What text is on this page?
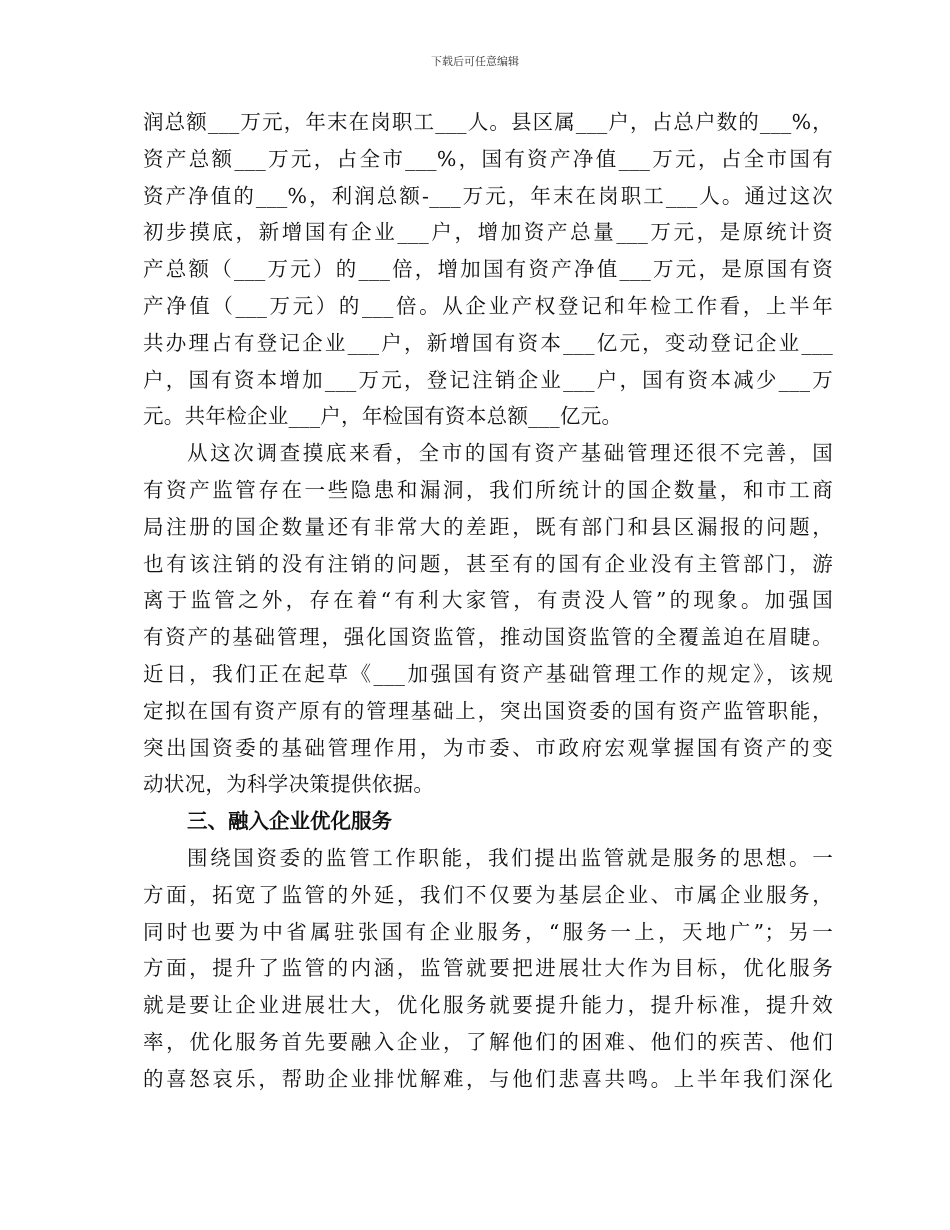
下载后可任意编辑
润总额___万元，年末在岗职工___人。县区属___户，占总户数的___%，
资产总额___万元，占全市___%，国有资产净值___万元，占全市国有
资产净值的___%，利润总额-___万元，年末在岗职工___人。通过这次
初步摸底，新增国有企业___户，增加资产总量___万元，是原统计资
产总额（___万元）的___倍，增加国有资产净值___万元，是原国有资
产净值（___万元）的___倍。从企业产权登记和年检工作看，上半年
共办理占有登记企业___户，新增国有资本___亿元，变动登记企业___
户，国有资本增加___万元，登记注销企业___户，国有资本减少___万
元。共年检企业___户，年检国有资本总额___亿元。
从这次调查摸底来看，全市的国有资产基础管理还很不完善，国
有资产监管存在一些隐患和漏洞，我们所统计的国企数量，和市工商
局注册的国企数量还有非常大的差距，既有部门和县区漏报的问题，
也有该注销的没有注销的问题，甚至有的国有企业没有主管部门，游
离于监管之外，存在着“有利大家管，有责没人管”的现象。加强国
有资产的基础管理，强化国资监管，推动国资监管的全覆盖迫在眉睫。
近日，我们正在起草《___加强国有资产基础管理工作的规定》，该规
定拟在国有资产原有的管理基础上，突出国资委的国有资产监管职能，
突出国资委的基础管理作用，为市委、市政府宏观掌握国有资产的变
动状况，为科学决策提供依据。
三、融入企业优化服务
围绕国资委的监管工作职能，我们提出监管就是服务的思想。一
方面，拓宽了监管的外延，我们不仅要为基层企业、市属企业服务，
同时也要为中省属驻张国有企业服务，“服务一上，天地广”；另一
方面，提升了监管的内涵，监管就要把进展壮大作为目标，优化服务
就是要让企业进展壮大，优化服务就要提升能力，提升标准，提升效
率，优化服务首先要融入企业，了解他们的困难、他们的疾苦、他们
的喜怒哀乐，帮助企业排忧解难，与他们悲喜共鸣。上半年我们深化
